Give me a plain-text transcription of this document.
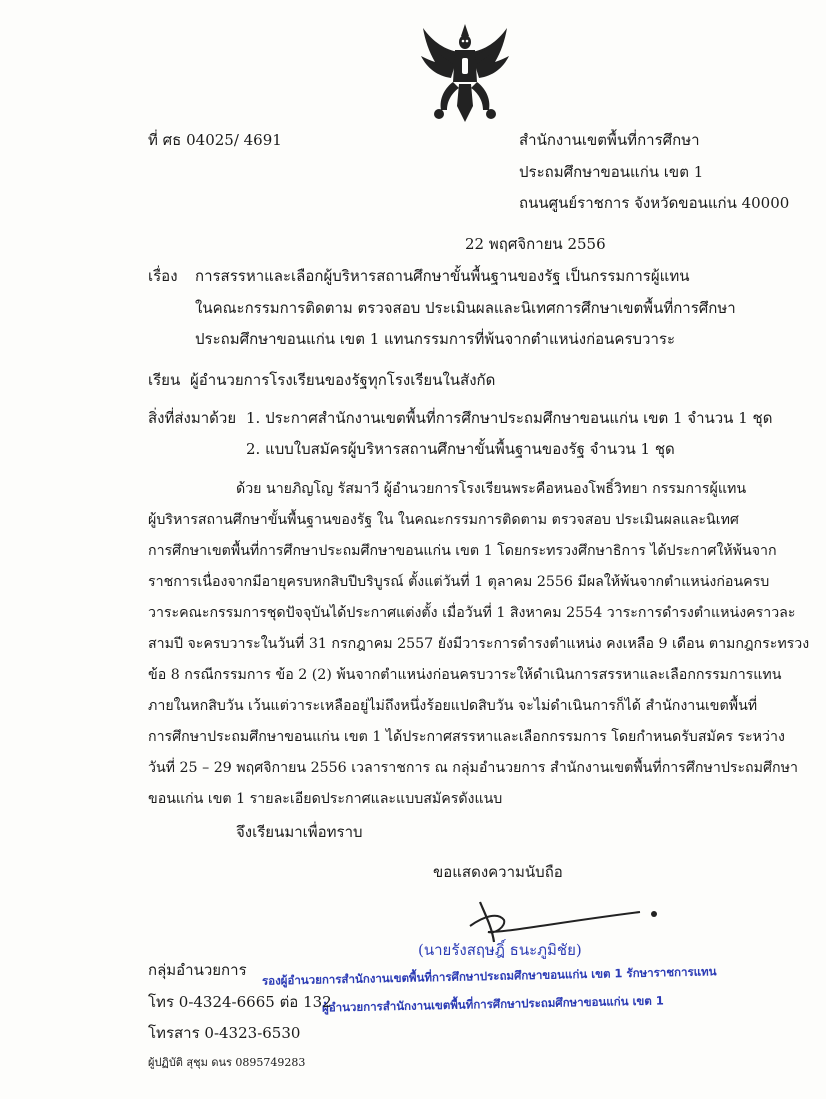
ที่ ศธ 04025/ 4691	สำนักงานเขตพื้นที่การศึกษา
ประถมศึกษาขอนแก่น เขต 1
ถนนศูนย์ราชการ จังหวัดขอนแก่น 40000
22 พฤศจิกายน 2556
เรื่อง การสรรหาและเลือกผู้บริหารสถานศึกษาขั้นพื้นฐานของรัฐ เป็นกรรมการผู้แทน
ในคณะกรรมการติดตาม ตรวจสอบ ประเมินผลและนิเทศการศึกษาเขตพื้นที่การศึกษา
ประถมศึกษาขอนแก่น เขต 1 แทนกรรมการที่พ้นจากตำแหน่งก่อนครบวาระ
เรียน ผู้อำนวยการโรงเรียนของรัฐทุกโรงเรียนในสังกัด
สิ่งที่ส่งมาด้วย 1. ประกาศสำนักงานเขตพื้นที่การศึกษาประถมศึกษาขอนแก่น เขต 1 จำนวน 1 ชุด
2. แบบใบสมัครผู้บริหารสถานศึกษาขั้นพื้นฐานของรัฐ จำนวน 1 ชุด
ด้วย นายภิญโญ รัสมาวี ผู้อำนวยการโรงเรียนพระคือหนองโพธิ์วิทยา กรรมการผู้แทน
ผู้บริหารสถานศึกษาขั้นพื้นฐานของรัฐ ใน ในคณะกรรมการติดตาม ตรวจสอบ ประเมินผลและนิเทศ
การศึกษาเขตพื้นที่การศึกษาประถมศึกษาขอนแก่น เขต 1 โดยกระทรวงศึกษาธิการ ได้ประกาศให้พ้นจาก
ราชการเนื่องจากมีอายุครบหกสิบปีบริบูรณ์ ตั้งแต่วันที่ 1 ตุลาคม 2556 มีผลให้พ้นจากตำแหน่งก่อนครบ
วาระคณะกรรมการชุดปัจจุบันได้ประกาศแต่งตั้ง เมื่อวันที่ 1 สิงหาคม 2554 วาระการดำรงตำแหน่งคราวละ
สามปี จะครบวาระในวันที่ 31 กรกฎาคม 2557 ยังมีวาระการดำรงตำแหน่ง คงเหลือ 9 เดือน ตามกฎกระทรวง
ข้อ 8 กรณีกรรมการ ข้อ 2 (2) พ้นจากตำแหน่งก่อนครบวาระให้ดำเนินการสรรหาและเลือกกรรมการแทน
ภายในหกสิบวัน เว้นแต่วาระเหลืออยู่ไม่ถึงหนึ่งร้อยแปดสิบวัน จะไม่ดำเนินการก็ได้ สำนักงานเขตพื้นที่
การศึกษาประถมศึกษาขอนแก่น เขต 1 ได้ประกาศสรรหาและเลือกกรรมการ โดยกำหนดรับสมัคร ระหว่าง
วันที่ 25 – 29 พฤศจิกายน 2556 เวลาราชการ ณ กลุ่มอำนวยการ สำนักงานเขตพื้นที่การศึกษาประถมศึกษา
ขอนแก่น เขต 1 รายละเอียดประกาศและแบบสมัครดังแนบ
จึงเรียนมาเพื่อทราบ
ขอแสดงความนับถือ
(นายรังสฤษฎิ์ ธนะภูมิชัย)
รองผู้อำนวยการสำนักงานเขตพื้นที่การศึกษาประถมศึกษาขอนแก่น เขต 1 รักษาราชการแทน
ผู้อำนวยการสำนักงานเขตพื้นที่การศึกษาประถมศึกษาขอนแก่น เขต 1
กลุ่มอำนวยการ
โทร 0-4324-6665 ต่อ 132
โทรสาร 0-4323-6530
ผู้ปฏิบัติ สุชุม ดนร 0895749283
